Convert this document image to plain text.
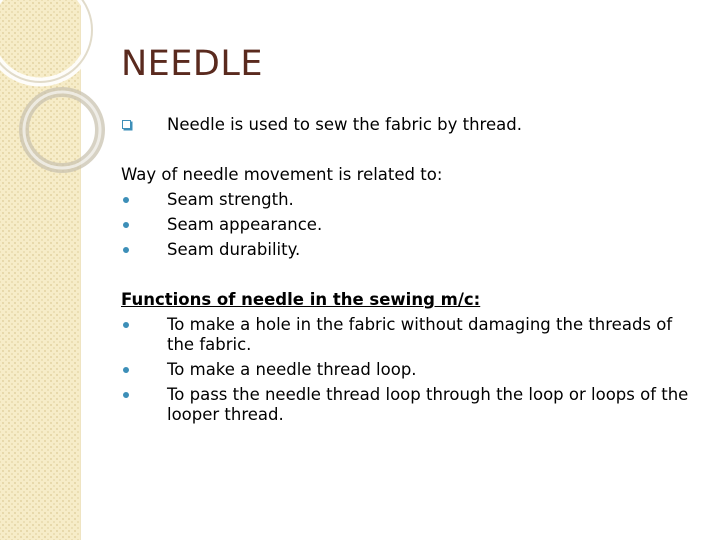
NEEDLE
Needle is used to sew the fabric by thread.
Way of needle movement is related to:
Seam strength.
Seam appearance.
Seam durability.
Functions of needle in the sewing m/c:
To make a hole in the fabric without damaging the threads of the fabric.
To make a needle thread loop.
To pass the needle thread loop through the loop or loops of the looper thread.
